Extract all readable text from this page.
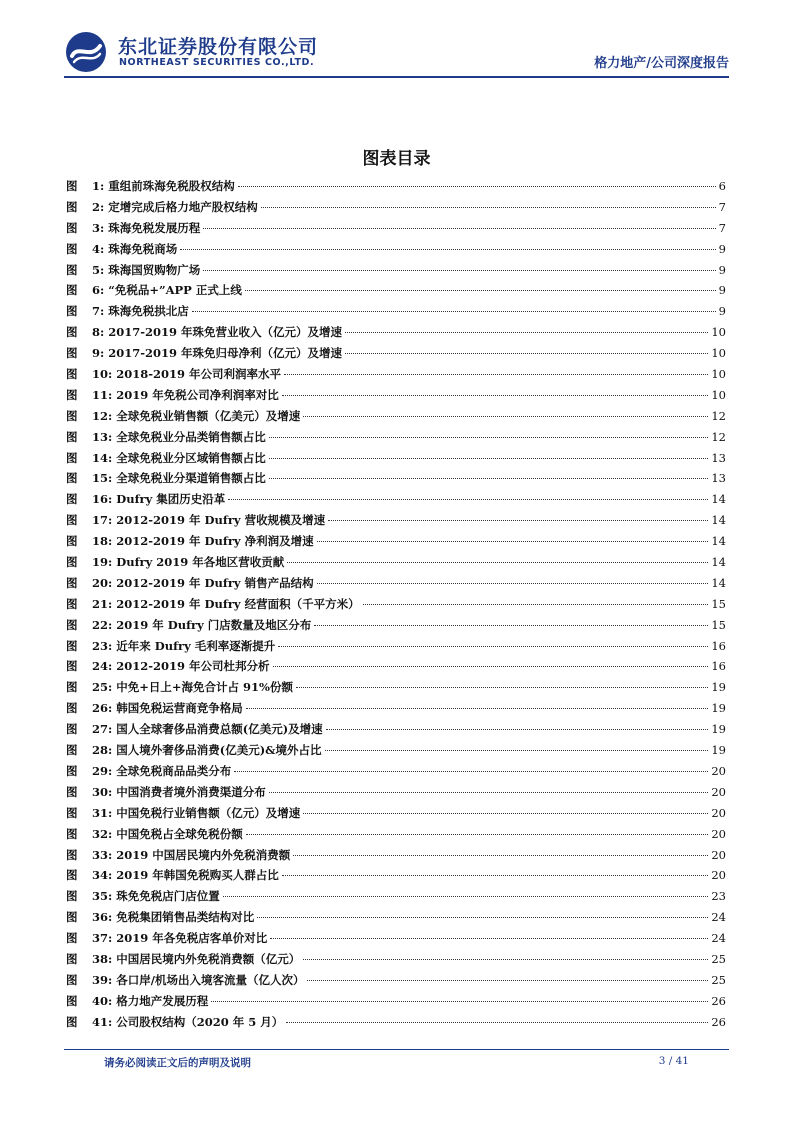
东北证券股份有限公司
NORTHEAST SECURITIES CO.,LTD.	格力地产/公司深度报告
图表目录
图	1: 重组前珠海免税股权结构	6
图	2: 定增完成后格力地产股权结构	7
图	3: 珠海免税发展历程	7
图	4: 珠海免税商场	9
图	5: 珠海国贸购物广场	9
图	6: “免税品+”APP 正式上线	9
图	7: 珠海免税拱北店	9
图	8: 2017-2019 年珠免营业收入（亿元）及增速	10
图	9: 2017-2019 年珠免归母净利（亿元）及增速	10
图	10: 2018-2019 年公司利润率水平	10
图	11: 2019 年免税公司净利润率对比	10
图	12: 全球免税业销售额（亿美元）及增速	12
图	13: 全球免税业分品类销售额占比	12
图	14: 全球免税业分区域销售额占比	13
图	15: 全球免税业分渠道销售额占比	13
图	16: Dufry 集团历史沿革	14
图	17: 2012-2019 年 Dufry 营收规模及增速	14
图	18: 2012-2019 年 Dufry 净利润及增速	14
图	19: Dufry 2019 年各地区营收贡献	14
图	20: 2012-2019 年 Dufry 销售产品结构	14
图	21: 2012-2019 年 Dufry 经营面积（千平方米）	15
图	22: 2019 年 Dufry 门店数量及地区分布	15
图	23: 近年来 Dufry 毛利率逐渐提升	16
图	24: 2012-2019 年公司杜邦分析	16
图	25: 中免+日上+海免合计占 91%份额	19
图	26: 韩国免税运营商竞争格局	19
图	27: 国人全球奢侈品消费总额(亿美元)及增速	19
图	28: 国人境外奢侈品消费(亿美元)&境外占比	19
图	29: 全球免税商品品类分布	20
图	30: 中国消费者境外消费渠道分布	20
图	31: 中国免税行业销售额（亿元）及增速	20
图	32: 中国免税占全球免税份额	20
图	33: 2019 中国居民境内外免税消费额	20
图	34: 2019 年韩国免税购买人群占比	20
图	35: 珠免免税店门店位置	23
图	36: 免税集团销售品类结构对比	24
图	37: 2019 年各免税店客单价对比	24
图	38: 中国居民境内外免税消费额（亿元）	25
图	39: 各口岸/机场出入境客流量（亿人次）	25
图	40: 格力地产发展历程	26
图	41: 公司股权结构（2020 年 5 月）	26
请务必阅读正文后的声明及说明	3 / 41
